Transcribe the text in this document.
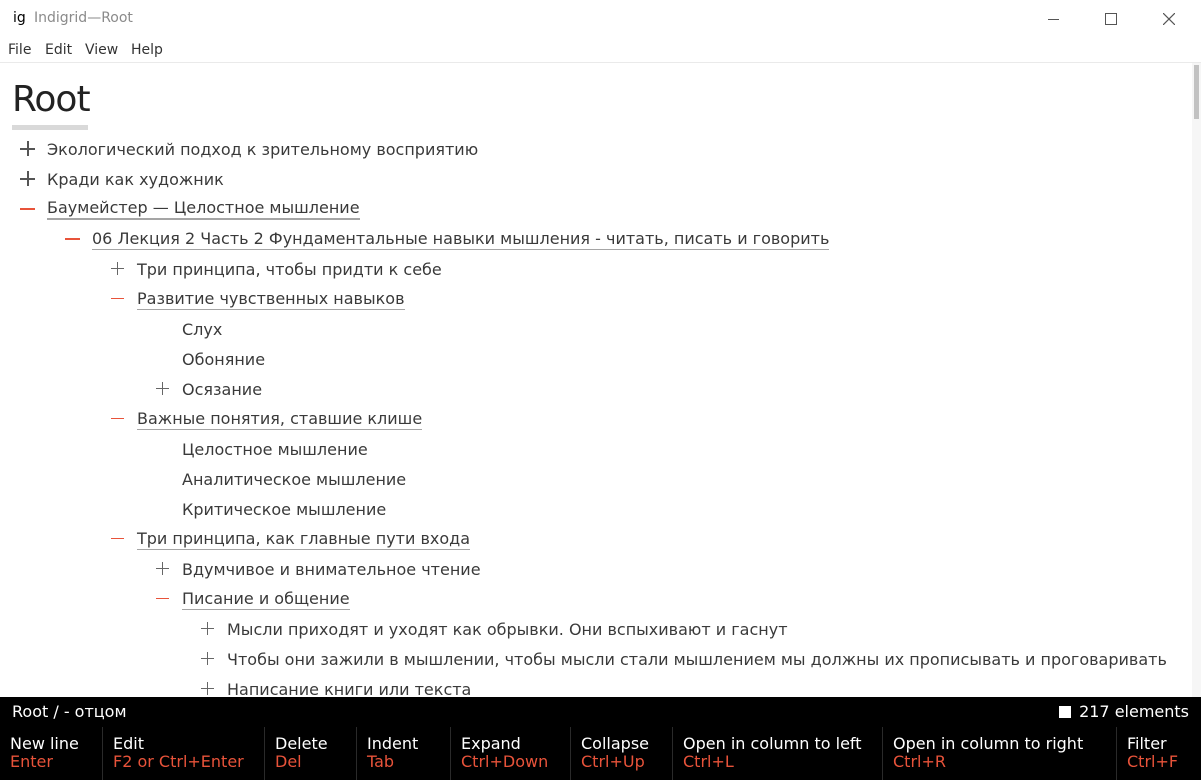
ig Indigrid—Root
File Edit View Help
Root
Экологический подход к зрительному восприятию
Кради как художник
Баумейстер — Целостное мышление
06 Лекция 2 Часть 2 Фундаментальные навыки мышления - читать, писать и говорить
Три принципа, чтобы придти к себе
Развитие чувственных навыков
Слух
Обоняние
Осязание
Важные понятия, ставшие клише
Целостное мышление
Аналитическое мышление
Критическое мышление
Три принципа, как главные пути входа
Вдумчивое и внимательное чтение
Писание и общение
Мысли приходят и уходят как обрывки. Они вспыхивают и гаснут
Чтобы они зажили в мышлении, чтобы мысли стали мышлением мы должны их прописывать и проговаривать
Написание книги или текста
Root / - отцом	217 elements
New line
Enter
Edit
F2 or Ctrl+Enter
Delete
Del
Indent
Tab
Expand
Ctrl+Down
Collapse
Ctrl+Up
Open in column to left
Ctrl+L
Open in column to right
Ctrl+R
Filter
Ctrl+F
